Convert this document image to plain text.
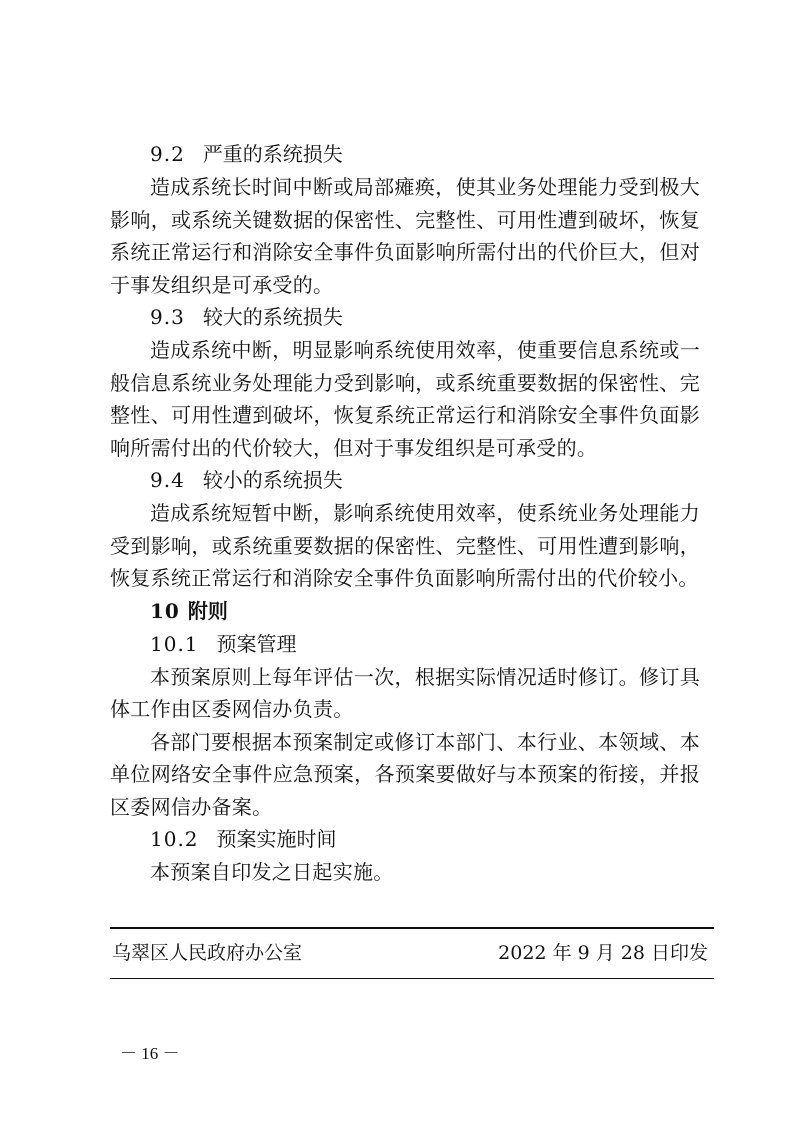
9.2 严重的系统损失

造成系统长时间中断或局部瘫痪，使其业务处理能力受到极大影响，或系统关键数据的保密性、完整性、可用性遭到破坏，恢复系统正常运行和消除安全事件负面影响所需付出的代价巨大，但对于事发组织是可承受的。

9.3 较大的系统损失

造成系统中断，明显影响系统使用效率，使重要信息系统或一般信息系统业务处理能力受到影响，或系统重要数据的保密性、完整性、可用性遭到破坏，恢复系统正常运行和消除安全事件负面影响所需付出的代价较大，但对于事发组织是可承受的。

9.4 较小的系统损失

造成系统短暂中断，影响系统使用效率，使系统业务处理能力受到影响，或系统重要数据的保密性、完整性、可用性遭到影响，恢复系统正常运行和消除安全事件负面影响所需付出的代价较小。

10 附则
10.1 预案管理

本预案原则上每年评估一次，根据实际情况适时修订。修订具体工作由区委网信办负责。

各部门要根据本预案制定或修订本部门、本行业、本领域、本单位网络安全事件应急预案，各预案要做好与本预案的衔接，并报区委网信办备案。

10.2 预案实施时间

本预案自印发之日起实施。

乌翠区人民政府办公室	2022 年 9 月 28 日印发
－ 16 －
